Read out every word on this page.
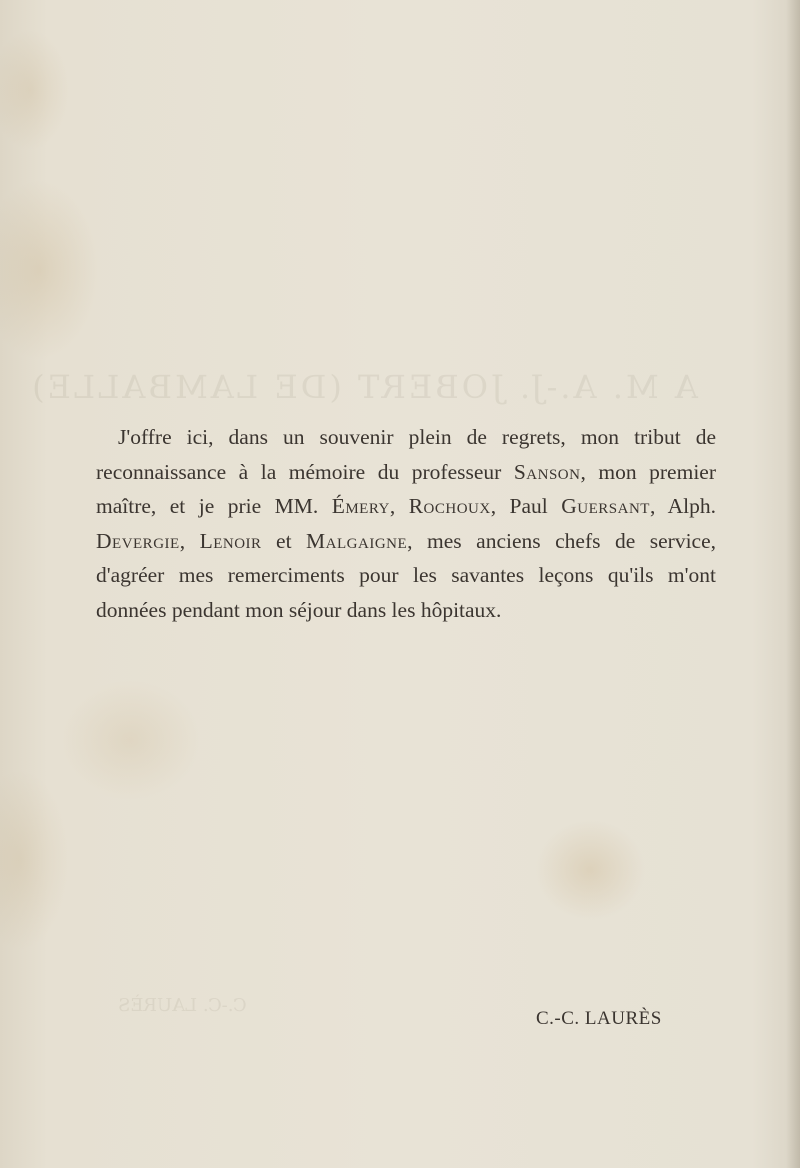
A M. A.-J. JOBERT (DE LAMBALLE)
C.-C. LAURÈS

J'offre ici, dans un souvenir plein de regrets, mon tribut de reconnaissance à la mémoire du professeur Sanson, mon premier maître, et je prie MM. Émery, Rochoux, Paul Guersant, Alph. Devergie, Lenoir et Malgaigne, mes anciens chefs de service, d'agréer mes remerciments pour les savantes leçons qu'ils m'ont données pendant mon séjour dans les hôpitaux.

C.-C. LAURÈS
